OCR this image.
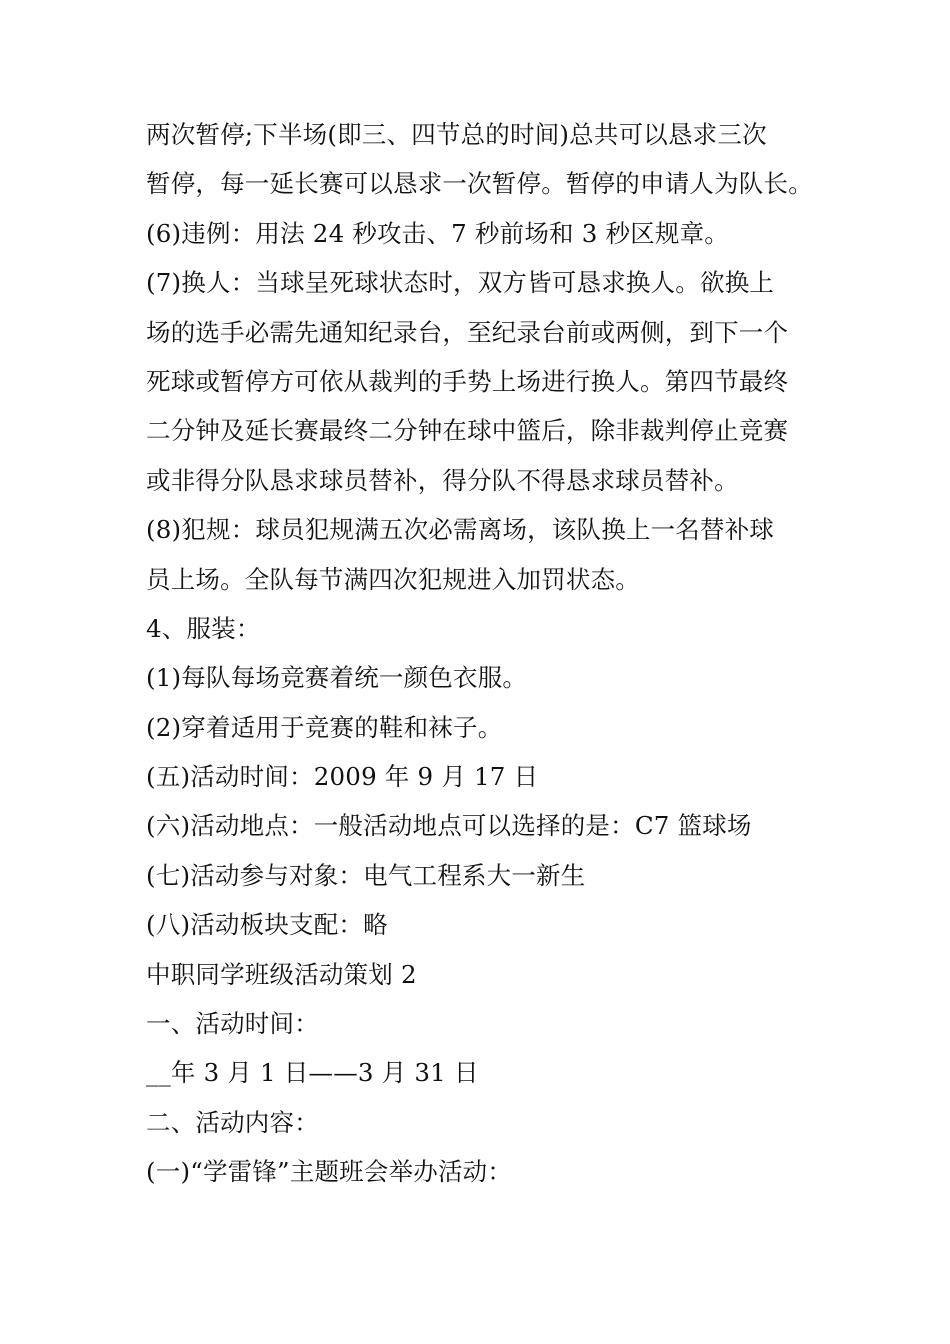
两次暂停;下半场(即三、四节总的时间)总共可以恳求三次
暂停，每一延长赛可以恳求一次暂停。暂停的申请人为队长。
(6)违例：用法 24 秒攻击、7 秒前场和 3 秒区规章。
(7)换人：当球呈死球状态时，双方皆可恳求换人。欲换上
场的选手必需先通知纪录台，至纪录台前或两侧，到下一个
死球或暂停方可依从裁判的手势上场进行换人。第四节最终
二分钟及延长赛最终二分钟在球中篮后，除非裁判停止竞赛
或非得分队恳求球员替补，得分队不得恳求球员替补。
(8)犯规：球员犯规满五次必需离场，该队换上一名替补球
员上场。全队每节满四次犯规进入加罚状态。
4、服装：
(1)每队每场竞赛着统一颜色衣服。
(2)穿着适用于竞赛的鞋和袜子。
(五)活动时间：2009 年 9 月 17 日
(六)活动地点：一般活动地点可以选择的是：C7 篮球场
(七)活动参与对象：电气工程系大一新生
(八)活动板块支配：略
中职同学班级活动策划 2
一、活动时间：
__年 3 月 1 日——3 月 31 日
二、活动内容：
(一)“学雷锋”主题班会举办活动：
